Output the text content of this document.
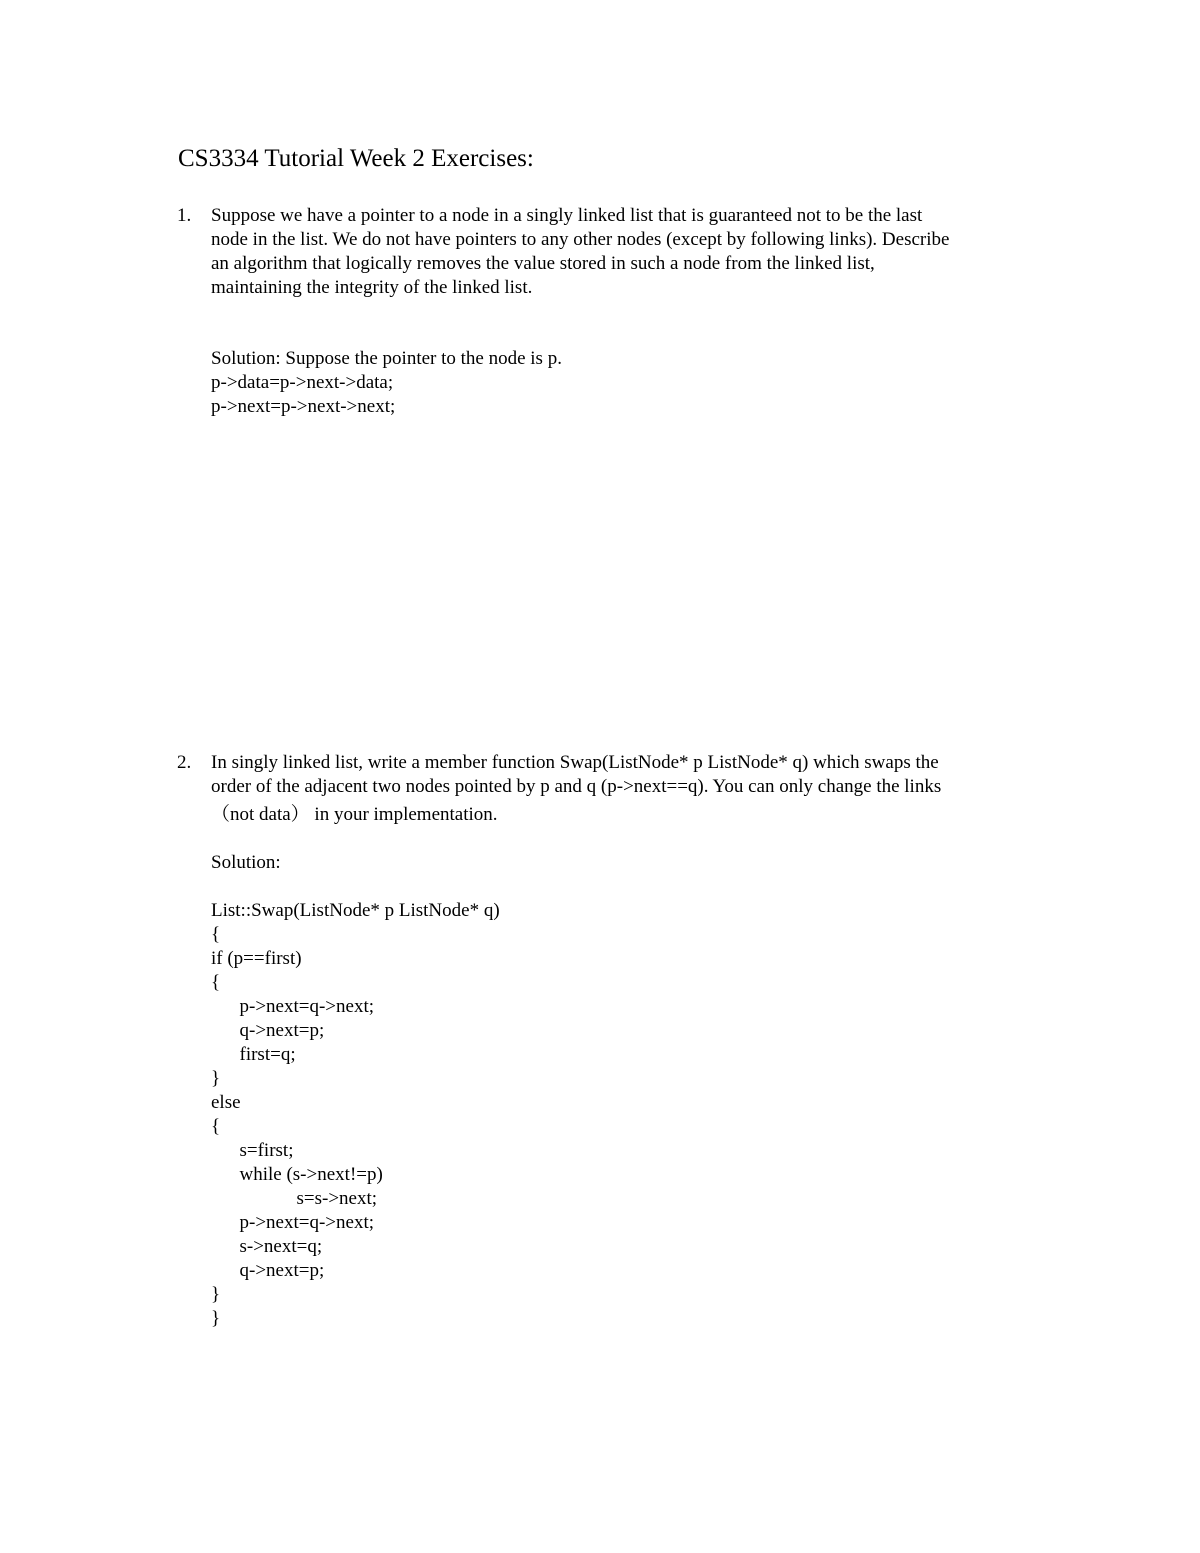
CS3334 Tutorial Week 2 Exercises:
1. Suppose we have a pointer to a node in a singly linked list that is guaranteed not to be the last
node in the list. We do not have pointers to any other nodes (except by following links). Describe
an algorithm that logically removes the value stored in such a node from the linked list,
maintaining the integrity of the linked list.
Solution: Suppose the pointer to the node is p.
p->data=p->next->data;
p->next=p->next->next;
2. In singly linked list, write a member function Swap(ListNode* p ListNode* q) which swaps the
order of the adjacent two nodes pointed by p and q (p->next==q). You can only change the links
（not data） in your implementation.
Solution:
List::Swap(ListNode* p ListNode* q)
{
if (p==first)
{
p->next=q->next;
q->next=p;
first=q;
}
else
{
s=first;
while (s->next!=p)
s=s->next;
p->next=q->next;
s->next=q;
q->next=p;
}
}
